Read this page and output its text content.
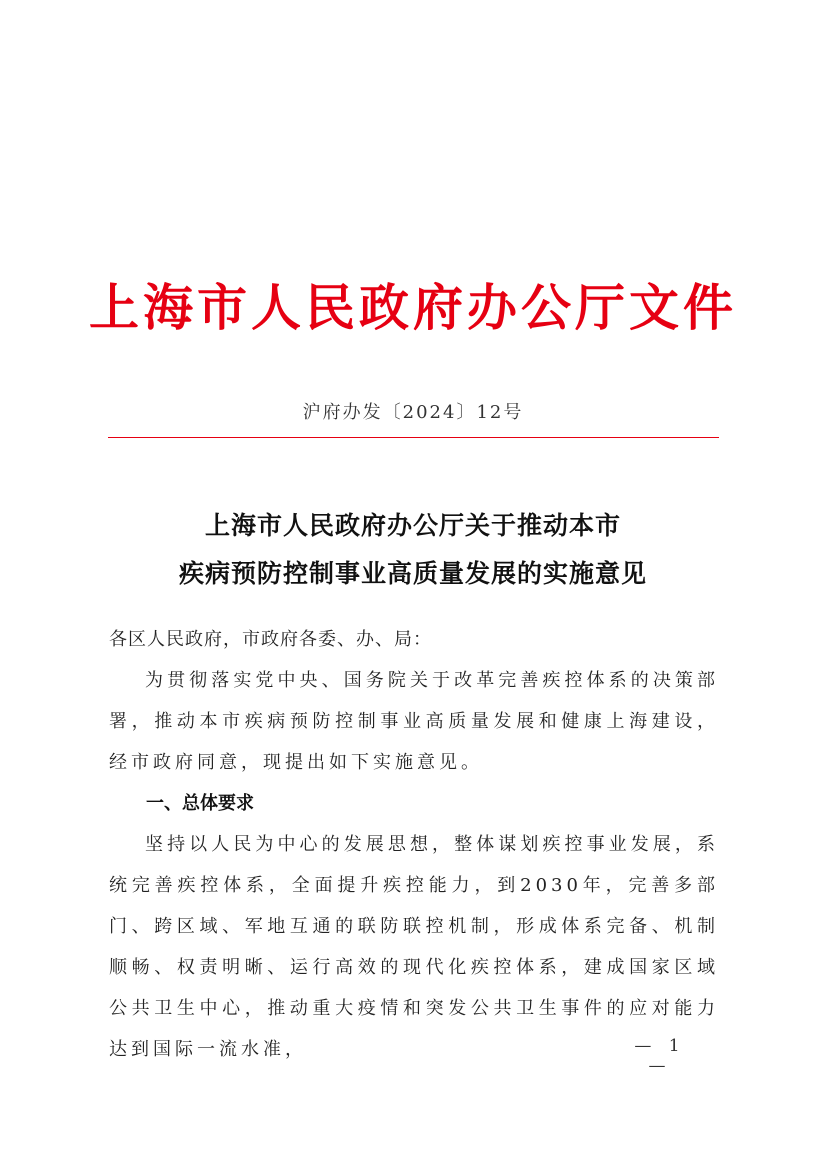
上海市人民政府办公厅文件
沪府办发〔2024〕12号
上海市人民政府办公厅关于推动本市
疾病预防控制事业高质量发展的实施意见
各区人民政府，市政府各委、办、局：
为贯彻落实党中央、国务院关于改革完善疾控体系的决策部署，推动本市疾病预防控制事业高质量发展和健康上海建设，经市政府同意，现提出如下实施意见。
一、总体要求
坚持以人民为中心的发展思想，整体谋划疾控事业发展，系统完善疾控体系，全面提升疾控能力，到2030年，完善多部门、跨区域、军地互通的联防联控机制，形成体系完备、机制顺畅、权责明晰、运行高效的现代化疾控体系，建成国家区域公共卫生中心，推动重大疫情和突发公共卫生事件的应对能力达到国际一流水准，	— 1 —
